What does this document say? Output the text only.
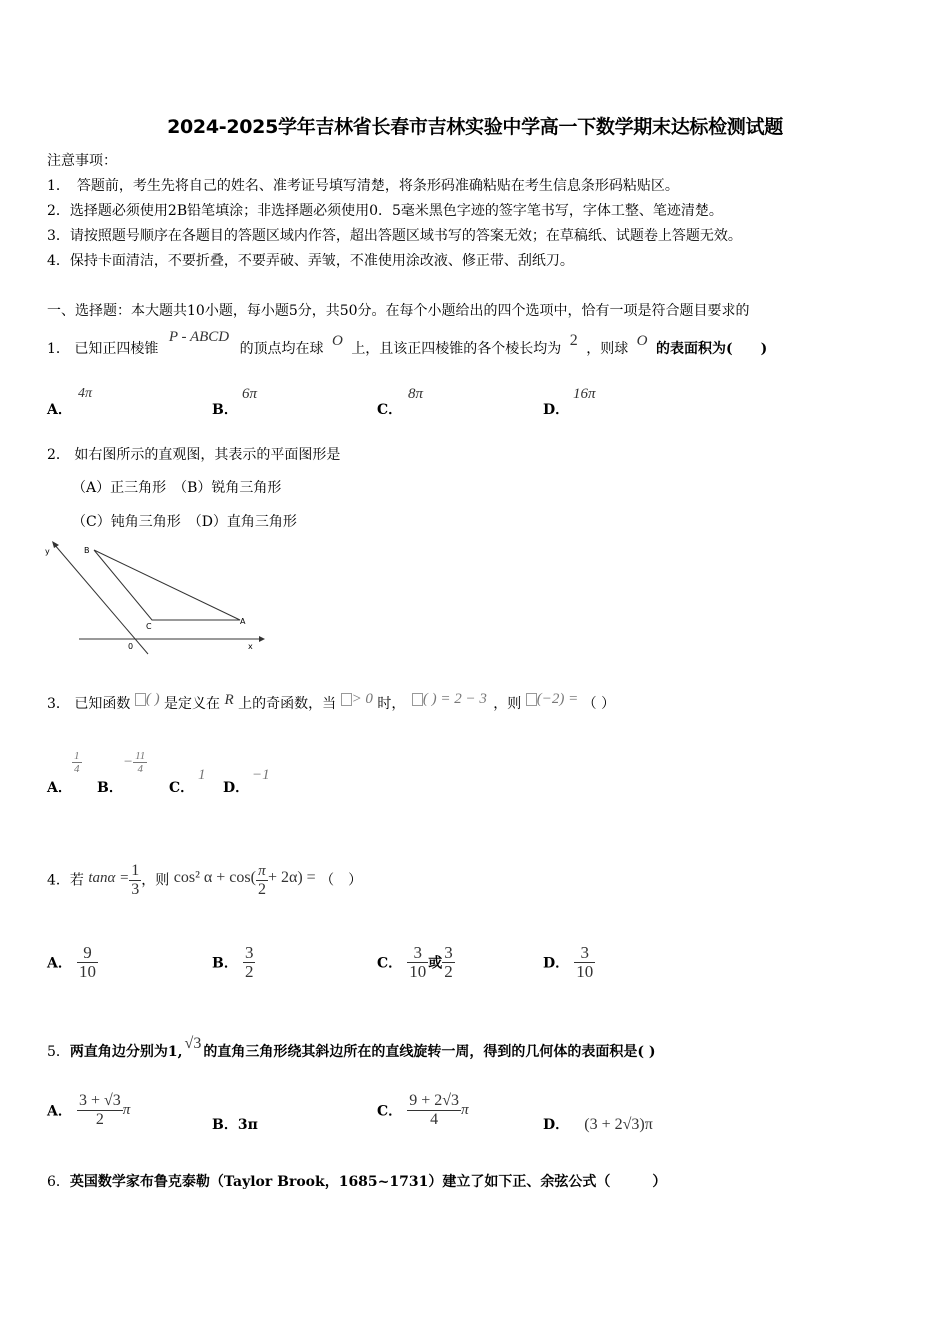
2024-2025学年吉林省长春市吉林实验中学高一下数学期末达标检测试题
注意事项：
1．　答题前，考生先将自己的姓名、准考证号填写清楚，将条形码准确粘贴在考生信息条形码粘贴区。
2．选择题必须使用2B铅笔填涂；非选择题必须使用0．5毫米黑色字迹的签字笔书写，字体工整、笔迹清楚。
3．请按照题号顺序在各题目的答题区域内作答，超出答题区域书写的答案无效；在草稿纸、试题卷上答题无效。
4．保持卡面清洁，不要折叠，不要弄破、弄皱，不准使用涂改液、修正带、刮纸刀。
一、选择题：本大题共10小题，每小题5分，共50分。在每个小题给出的四个选项中，恰有一项是符合题目要求的
1． 已知正四棱锥 P - ABCD 的顶点均在球 O 上，且该正四棱锥的各个棱长均为 2 ，则球 O 的表面积为(　　)
A．
4π
B．
6π
C．
8π
D．
16π
2． 如右图所示的直观图，其表示的平面图形是
（A）正三角形　（B）锐角三角形
（C）钝角三角形　（D）直角三角形
y	B
C
A
0	x
3． 已知函数 ( ) 是定义在 R 上的奇函数，当 > 0 时， ( ) = 2 − 3 ，则 (−2) = （ ）
A．
$\frac{1}{4}$
B．
− $\frac{11}{4}$
C．
1
D．
−1
4．若 $\tan\alpha = \frac{1}{3}$ ，则 cos² $\alpha + \cos( \frac{\pi}{2} + 2\alpha)$ = （　）
A． $\frac{9}{10}$	B． $\frac{3}{2}$	C． $\frac{3}{10}$ 或 $\frac{3}{2}$	D． $\frac{3}{10}$
5．两直角边分别为1, √3 的直角三角形绕其斜边所在的直线旋转一周，得到的几何体的表面积是( )
A． $\frac{3 + √3}{2}$ π
B．3π
C． $\frac{9 + 2√3}{4}$ π
D． (3 + 2√3)π
6．英国数学家布鲁克泰勒（Taylor Brook，1685~1731）建立了如下正、余弦公式（　　　）
